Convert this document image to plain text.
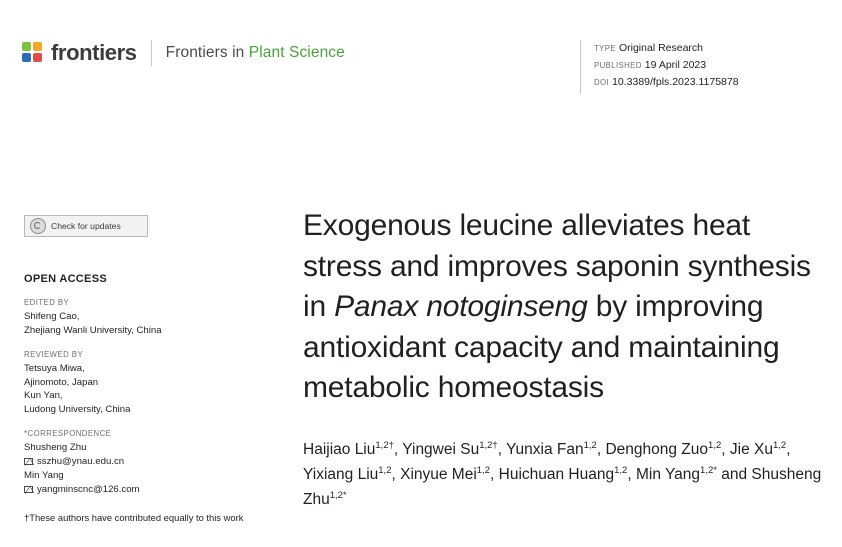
frontiers Frontiers in Plant Science	TYPE Original Research
PUBLISHED 19 April 2023
DOI 10.3389/fpls.2023.1175878
Check for updates
OPEN ACCESS
EDITED BY
Shifeng Cao,
Zhejiang Wanli University, China
REVIEWED BY
Tetsuya Miwa,
Ajinomoto, Japan
Kun Yan,
Ludong University, China
*CORRESPONDENCE
Shusheng Zhu
sszhu@ynau.edu.cn
Min Yang
yangminscnc@126.com
†These authors have contributed equally to this work
Exogenous leucine alleviates heat stress and improves saponin synthesis in Panax notoginseng by improving antioxidant capacity and maintaining metabolic homeostasis
Haijiao Liu$^{1,2\dagger}$, Yingwei $Su^{1,2\dagger}$, Yunxia Fan$^{1,2}$, Denghong Zuo$^{1,2}$, Jie Xu$^{1,2}$, Yixiang Liu$^{1,2}$, Xinyue Mei$^{1,2}$, Huichuan Huang$^{1,2}$, Min Yang$^{1,2*}$ and Shusheng Zhu$^{1,2*}$
